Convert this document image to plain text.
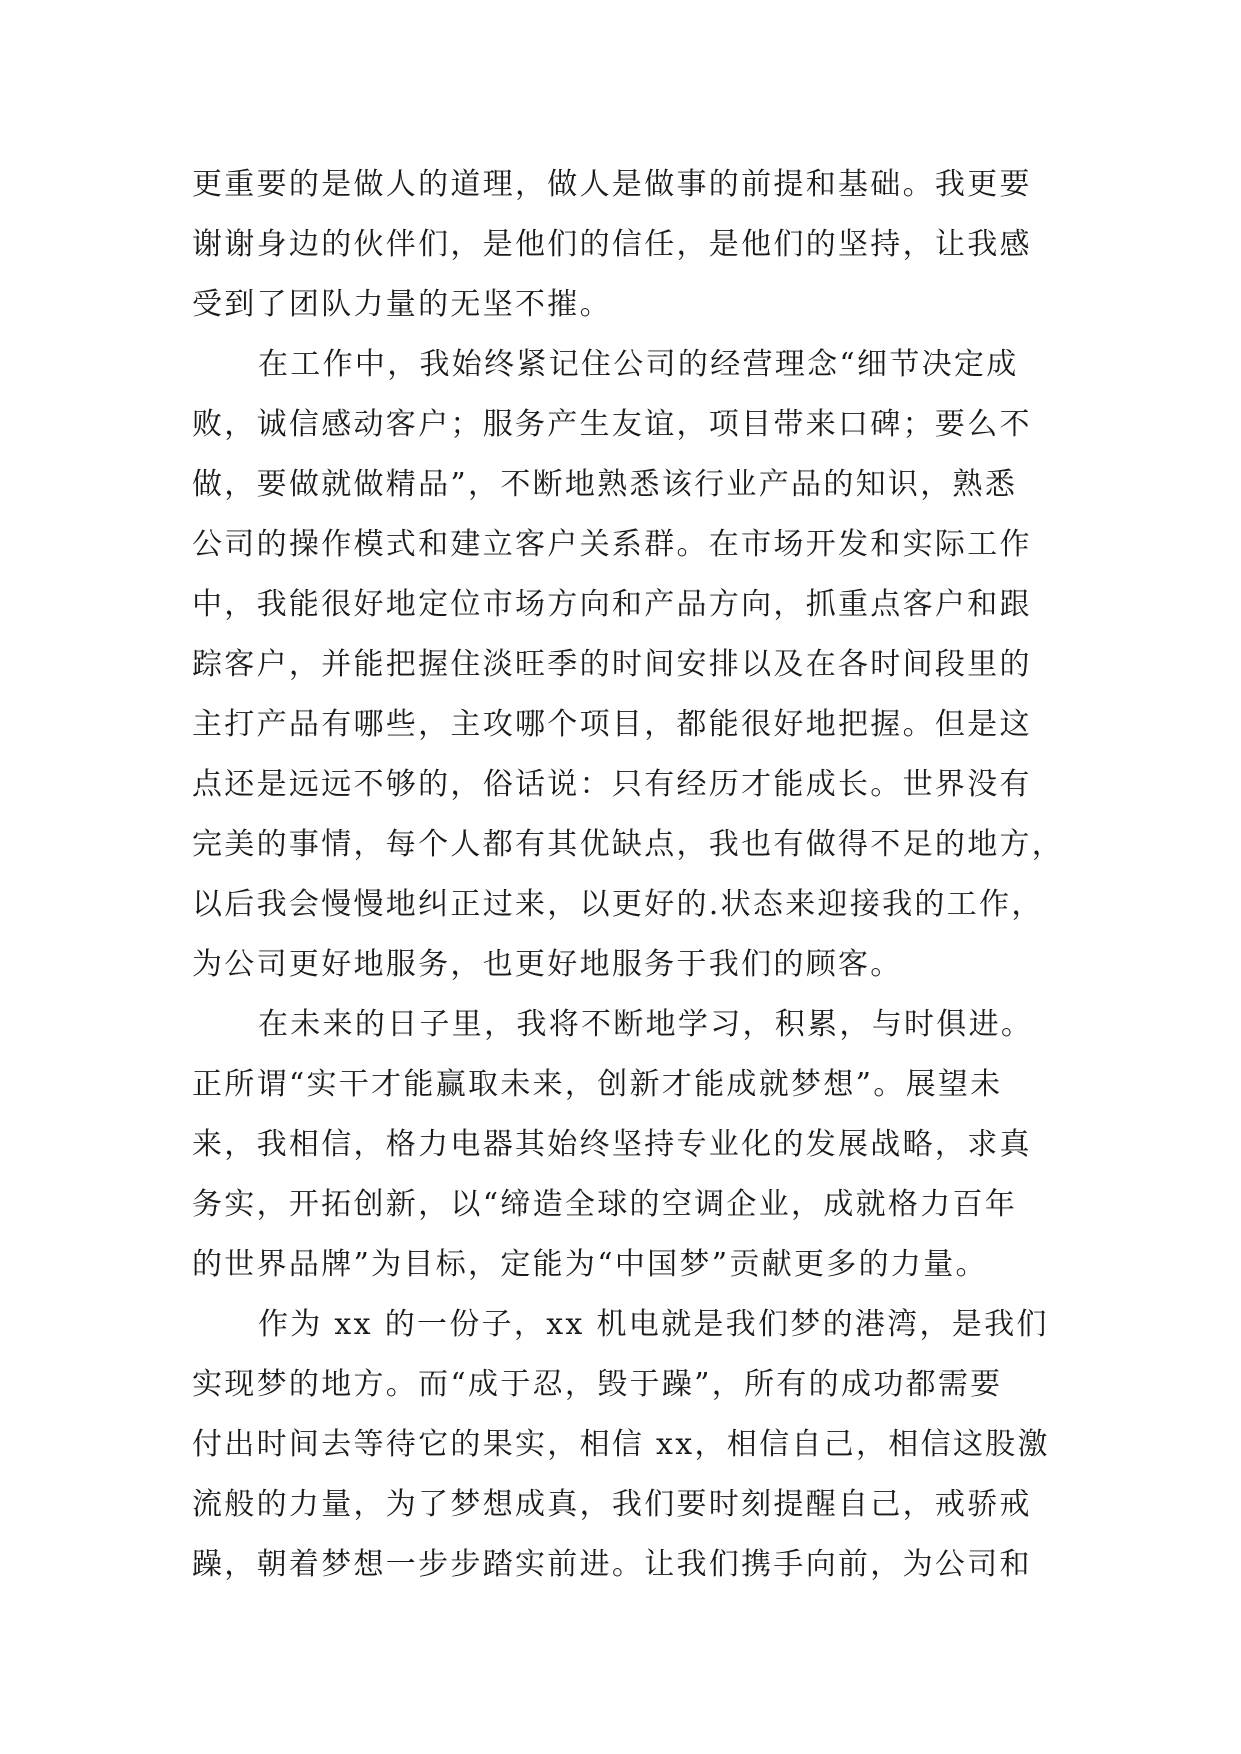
更重要的是做人的道理，做人是做事的前提和基础。我更要
谢谢身边的伙伴们，是他们的信任，是他们的坚持，让我感
受到了团队力量的无坚不摧。
在工作中，我始终紧记住公司的经营理念“细节决定成
败，诚信感动客户；服务产生友谊，项目带来口碑；要么不
做，要做就做精品”，不断地熟悉该行业产品的知识，熟悉
公司的操作模式和建立客户关系群。在市场开发和实际工作
中，我能很好地定位市场方向和产品方向，抓重点客户和跟
踪客户，并能把握住淡旺季的时间安排以及在各时间段里的
主打产品有哪些，主攻哪个项目，都能很好地把握。但是这
点还是远远不够的，俗话说：只有经历才能成长。世界没有
完美的事情，每个人都有其优缺点，我也有做得不足的地方，
以后我会慢慢地纠正过来，以更好的.状态来迎接我的工作，
为公司更好地服务，也更好地服务于我们的顾客。
在未来的日子里，我将不断地学习，积累，与时俱进。
正所谓“实干才能赢取未来，创新才能成就梦想”。展望未
来，我相信，格力电器其始终坚持专业化的发展战略，求真
务实，开拓创新，以“缔造全球的空调企业，成就格力百年
的世界品牌”为目标，定能为“中国梦”贡献更多的力量。
作为 xx 的一份子，xx 机电就是我们梦的港湾，是我们
实现梦的地方。而“成于忍，毁于躁”，所有的成功都需要
付出时间去等待它的果实，相信 xx，相信自己，相信这股激
流般的力量，为了梦想成真，我们要时刻提醒自己，戒骄戒
躁，朝着梦想一步步踏实前进。让我们携手向前，为公司和
